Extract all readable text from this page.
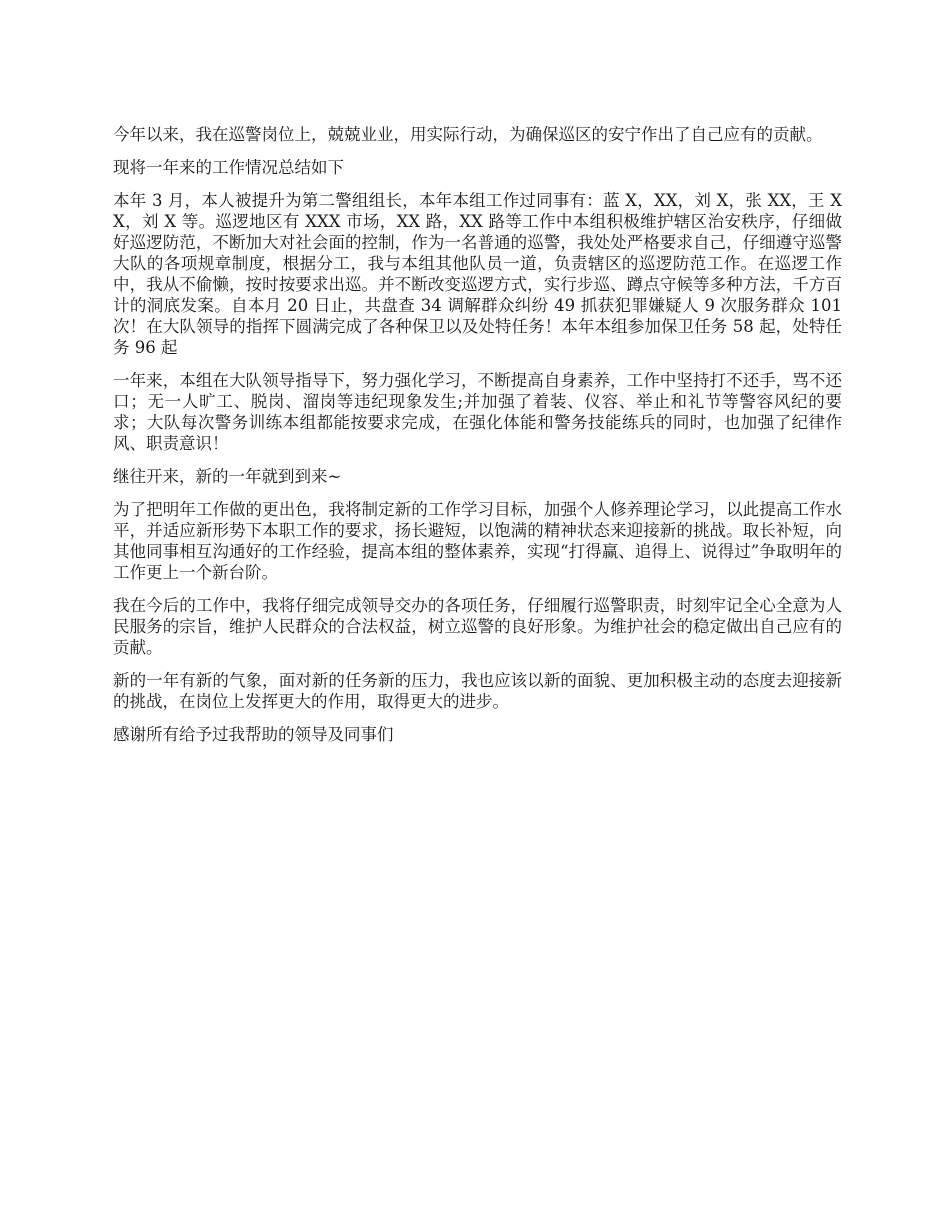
今年以来，我在巡警岗位上，兢兢业业，用实际行动，为确保巡区的安宁作出了自己应有的贡献。

现将一年来的工作情况总结如下

本年 3 月，本人被提升为第二警组组长，本年本组工作过同事有：蓝 X，XX，刘 X，张 XX，王 XX，刘 X 等。巡逻地区有 XXX 市场，XX 路，XX 路等工作中本组积极维护辖区治安秩序，仔细做好巡逻防范，不断加大对社会面的控制，作为一名普通的巡警，我处处严格要求自己，仔细遵守巡警大队的各项规章制度，根据分工，我与本组其他队员一道，负责辖区的巡逻防范工作。在巡逻工作中，我从不偷懒，按时按要求出巡。并不断改变巡逻方式，实行步巡、蹲点守候等多种方法，千方百计的洞底发案。自本月 20 日止，共盘查 34 调解群众纠纷 49 抓获犯罪嫌疑人 9 次服务群众 101 次！在大队领导的指挥下圆满完成了各种保卫以及处特任务！本年本组参加保卫任务 58 起，处特任务 96 起

一年来，本组在大队领导指导下，努力强化学习，不断提高自身素养，工作中坚持打不还手，骂不还口；无一人旷工、脱岗、溜岗等违纪现象发生;并加强了着装、仪容、举止和礼节等警容风纪的要求；大队每次警务训练本组都能按要求完成，在强化体能和警务技能练兵的同时，也加强了纪律作风、职责意识！

继往开来，新的一年就到到来~

为了把明年工作做的更出色，我将制定新的工作学习目标，加强个人修养理论学习，以此提高工作水平，并适应新形势下本职工作的要求，扬长避短，以饱满的精神状态来迎接新的挑战。取长补短，向其他同事相互沟通好的工作经验，提高本组的整体素养，实现“打得赢、追得上、说得过”争取明年的工作更上一个新台阶。

我在今后的工作中，我将仔细完成领导交办的各项任务，仔细履行巡警职责，时刻牢记全心全意为人民服务的宗旨，维护人民群众的合法权益，树立巡警的良好形象。为维护社会的稳定做出自己应有的贡献。

新的一年有新的气象，面对新的任务新的压力，我也应该以新的面貌、更加积极主动的态度去迎接新的挑战，在岗位上发挥更大的作用，取得更大的进步。

感谢所有给予过我帮助的领导及同事们
